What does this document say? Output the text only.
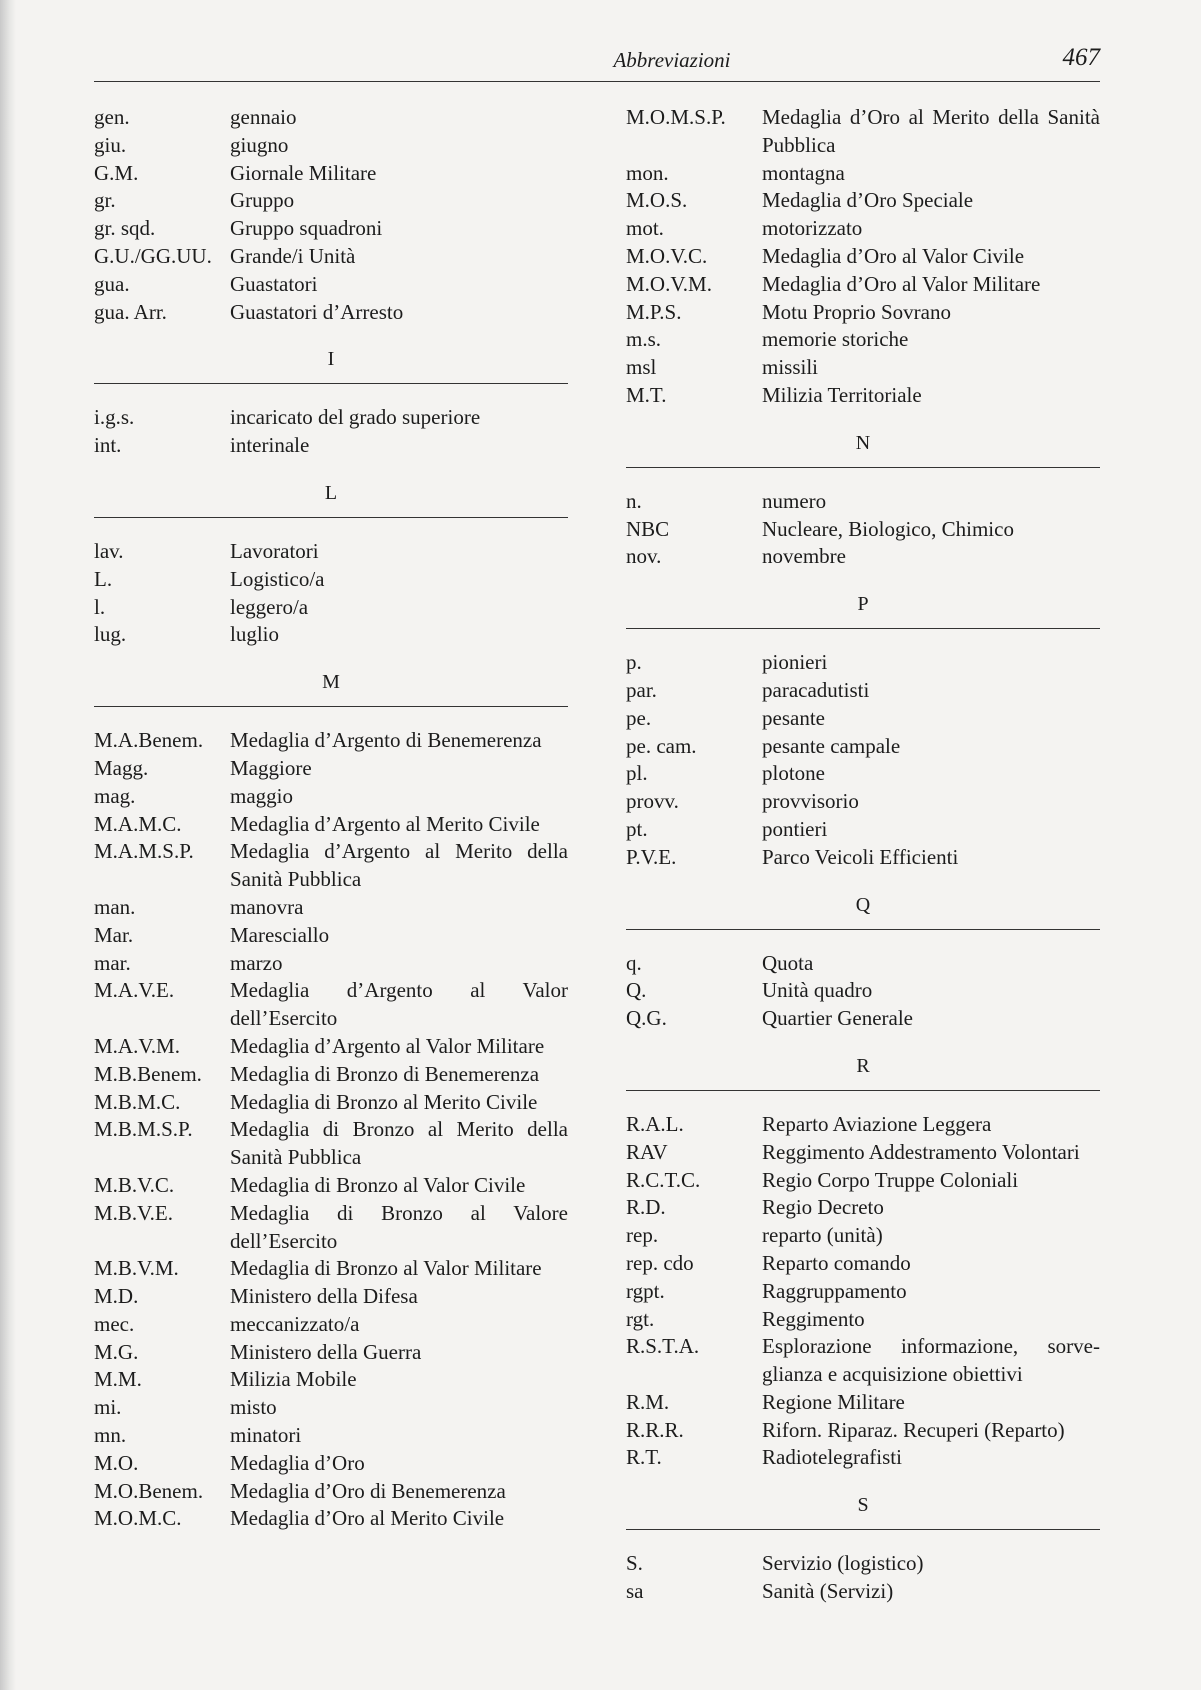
Abbreviazioni	467
gen.	gennaio
giu.	giugno
G.M.	Giornale Militare
gr.	Gruppo
gr. sqd.	Gruppo squadroni
G.U./GG.UU. Grande/i Unità
gua.	Guastatori
gua. Arr.	Guastatori d’Arresto
I
i.g.s.	incaricato del grado superiore
int.	interinale
L
lav.	Lavoratori
L.	Logistico/a
l.	leggero/a
lug.	luglio
M
M.A.Benem.	Medaglia d’Argento di Benemerenza
Magg.	Maggiore
mag.	maggio
M.A.M.C.	Medaglia d’Argento al Merito Civile
M.A.M.S.P.	Medaglia d’Argento al Merito della Sanità Pubblica
man.	manovra
Mar.	Maresciallo
mar.	marzo
M.A.V.E.	Medaglia d’Argento al Valor dell’Esercito
M.A.V.M.	Medaglia d’Argento al Valor Militare
M.B.Benem.	Medaglia di Bronzo di Benemerenza
M.B.M.C.	Medaglia di Bronzo al Merito Civile
M.B.M.S.P.	Medaglia di Bronzo al Merito della Sanità Pubblica
M.B.V.C.	Medaglia di Bronzo al Valor Civile
M.B.V.E.	Medaglia di Bronzo al Valore dell’Esercito
M.B.V.M.	Medaglia di Bronzo al Valor Militare
M.D.	Ministero della Difesa
mec.	meccanizzato/a
M.G.	Ministero della Guerra
M.M.	Milizia Mobile
mi.	misto
mn.	minatori
M.O.	Medaglia d’Oro
M.O.Benem.	Medaglia d’Oro di Benemerenza
M.O.M.C.	Medaglia d’Oro al Merito Civile
M.O.M.S.P.	Medaglia d’Oro al Merito della Sanità Pubblica
mon.	montagna
M.O.S.	Medaglia d’Oro Speciale
mot.	motorizzato
M.O.V.C.	Medaglia d’Oro al Valor Civile
M.O.V.M.	Medaglia d’Oro al Valor Militare
M.P.S.	Motu Proprio Sovrano
m.s.	memorie storiche
msl	missili
M.T.	Milizia Territoriale
N
n.	numero
NBC	Nucleare, Biologico, Chimico
nov.	novembre
P
p.	pionieri
par.	paracadutisti
pe.	pesante
pe. cam.	pesante campale
pl.	plotone
provv.	provvisorio
pt.	pontieri
P.V.E.	Parco Veicoli Efficienti
Q
q.	Quota
Q.	Unità quadro
Q.G.	Quartier Generale
R
R.A.L.	Reparto Aviazione Leggera
RAV	Reggimento Addestramento Volontari
R.C.T.C.	Regio Corpo Truppe Coloniali
R.D.	Regio Decreto
rep.	reparto (unità)
rep. cdo	Reparto comando
rgpt.	Raggruppamento
rgt.	Reggimento
R.S.T.A.	Esplorazione informazione, sorve-glianza e acquisizione obiettivi
R.M.	Regione Militare
R.R.R.	Riforn. Riparaz. Recuperi (Reparto)
R.T.	Radiotelegrafisti
S
S.	Servizio (logistico)
sa	Sanità (Servizi)
